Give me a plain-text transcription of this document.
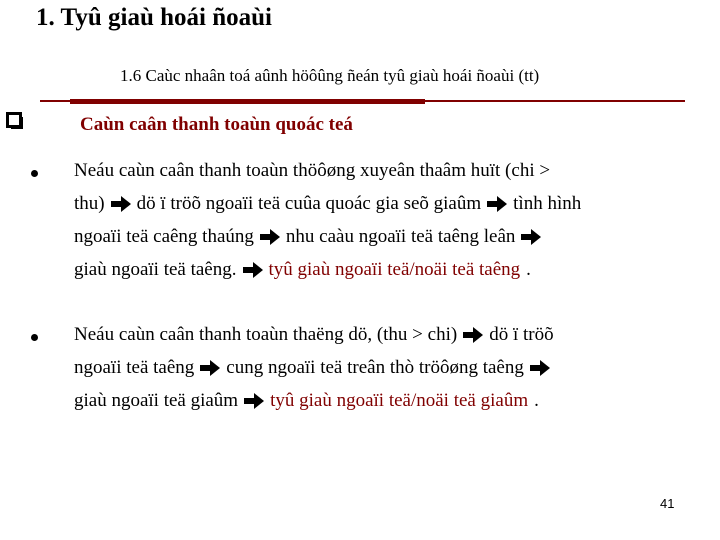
1. Tyû giaù hoái ñoaùi
1.6 Caùc nhaân toá aûnh höôûng ñeán tyû giaù hoái ñoaùi (tt)
Caùn caân thanh toaùn quoác teá
Neáu caùn caân thanh toaùn thöôøng xuyeân thaâm huït (chi >
thu) dö ï tröõ ngoaïi teä cuûa quoác gia seõ giaûm tình hình
ngoaïi teä caêng thaúng nhu caàu ngoaïi teä taêng leân
giaù ngoaïi teä taêng. tyû giaù ngoaïi teä/noäi teä taêng .
Neáu caùn caân thanh toaùn thaëng dö, (thu > chi) dö ï tröõ
ngoaïi teä taêng cung ngoaïi teä treân thò tröôøng taêng
giaù ngoaïi teä giaûm tyû giaù ngoaïi teä/noäi teä giaûm .
41
